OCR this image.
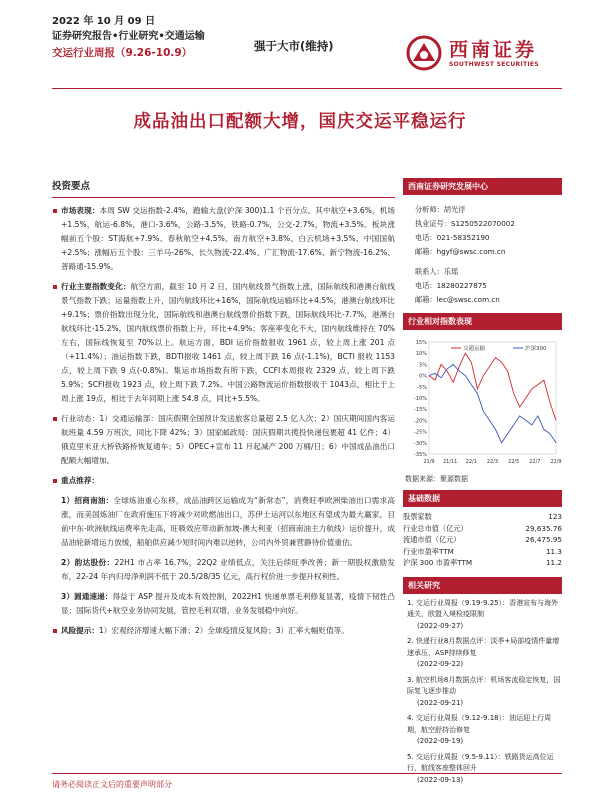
2022 年 10 月 09 日
证券研究报告•行业研究•交通运输
交运行业周报（9.26-10.9）	强于大市(维持)	西南证券
SOUTHWEST SECURITIES
成品油出口配额大增，国庆交运平稳运行
投资要点
市场表现：本周 SW 交运指数-2.4%，跑输大盘(沪深 300)1.1 个百分点。其中航空+3.6%，机场+1.5%，航运-6.8%，港口-3.6%，公路-3.5%，铁路-0.7%，公交-2.7%，物流+3.5%。板块涨幅前五个股：ST海航+7.9%、春秋航空+4.5%、南方航空+3.8%、白云机场+3.5%、中国国航+2.5%；涨幅后五个股：三羊马-26%、长久物流-22.4%、广汇物流-17.6%、新宁物流-16.2%、普路通-15.9%。
行业主要指数变化：航空方面，截至 10 月 2 日，国内航线景气指数上涨，国际航线和港澳台航线景气指数下跌；运量指数上升，国内航线环比+16%，国际航线运输环比+4.5%，港澳台航线环比+9.1%；票价指数出现分化，国际航线和港澳台航线票价指数下跌，国际航线环比-7.7%，港澳台航线环比-15.2%，国内航线票价指数上升，环比+4.9%；客座率变化不大，国内航线维持在 70%左右，国际线恢复至 70%以上。航运方面，BDI 运价指数报收 1961 点，较上周上涨 201 点（+11.4%）；油运指数下跌，BDTI报收 1461 点，较上周下跌 16 点(-1.1%)，BCTI 报收 1153 点，较上周下跌 9 点(-0.8%)。集运市场指数有所下跌，CCFI本周报收 2329 点，较上周下跌 5.9%；SCFI报收 1923 点，较上周下跌 7.2%。中国公路物流运价指数报收于 1043点，相比于上周上涨 19点，相比于去年同期上涨 54.8 点，同比+5.5%。
行业动态：1）交通运输部：国庆假期全国预计发送旅客总量超 2.5 亿人次；2）国庆期间国内客运航班量 4.59 万班次，同比下降 42%；3）国家邮政局：国庆假期共揽投快递包裹超 41 亿件；4）俄克里米亚大桥铁路桥恢复通车；5）OPEC+宣布 11 月起减产 200 万桶/日；6）中国成品油出口配额大幅增加。
重点推荐：
1）招商南油：全球炼油重心东移，成品油跨区运输成为“新常态”，消费旺季欧洲柴油出口需求高涨，而美国炼油厂在政府施压下将减少对欧燃油出口，苏伊士运河以东地区有望成为最大赢家，目前中东-欧洲航线运费率先走高，旺吸效应带动新加坡-澳大利亚（招商南油主力航线）运价提升，成品油轮新增运力放缓，船舶供应减少短时间内难以逆转，公司内外贸兼营静待价值重估。
2）韵达股份：22H1 市占率 16.7%，22Q2 业绩低点，关注后续旺季改善；新一期股权激励发布，22-24 年内归母净利润不低于 20.5/28/35 亿元，高行权价进一步提升权利性。
3）圆通速递：得益于 ASP 提升及成本有效控制，2022H1 快递单票毛利修复显著，疫情下韧性凸显；国际货代+航空业务协同发展，管控毛利双增，业务发展稳中向好。
风险提示：1）宏观经济增速大幅下滑；2）全球疫情反复风险；3）汇率大幅贬值等。
西南证券研究发展中心
分析师：胡光浮
执业证号：S1250522070002
电话：021-58352190
邮箱：hgyf@swsc.com.cn
联系人：乐瑶
电话：18280227875
邮箱：lec@swsc.com.cn
行业相对指数表现
15%
10%
5%
0%
-5%
-10%
-15%
-20%
-25%
-30%
-35%
21/9 21/11 22/1 22/3 22/5 22/7 22/9
交通运输	沪深300
数据来源：聚源数据
基础数据
股票家数	123
行业总市值（亿元）	29,635.76
流通市值（亿元）	26,475.95
行业市盈率TTM	11.3
沪深 300 市盈率TTM	11.2
相关研究
1. 交运行业周报（9.19-9.25）：香港宣布与海外通关，欧盟入境检疫限制
(2022-09-27)
2. 快递行业8月数据点评：淡季+局部疫情件量增速承压，ASP持续修复
(2022-09-22)
3. 航空机场8月数据点评：机场客流稳定恢复，国际复飞逐步推动
(2022-09-21)
4. 交运行业周报（9.12-9.18）：油运迎上行周期，航空舒持治修复
(2022-09-19)
5. 交运行业周报（9.5-9.11）：铁路货运高位运行，航线客座整体回升
(2022-09-13)
请务必阅读正文后的重要声明部分
